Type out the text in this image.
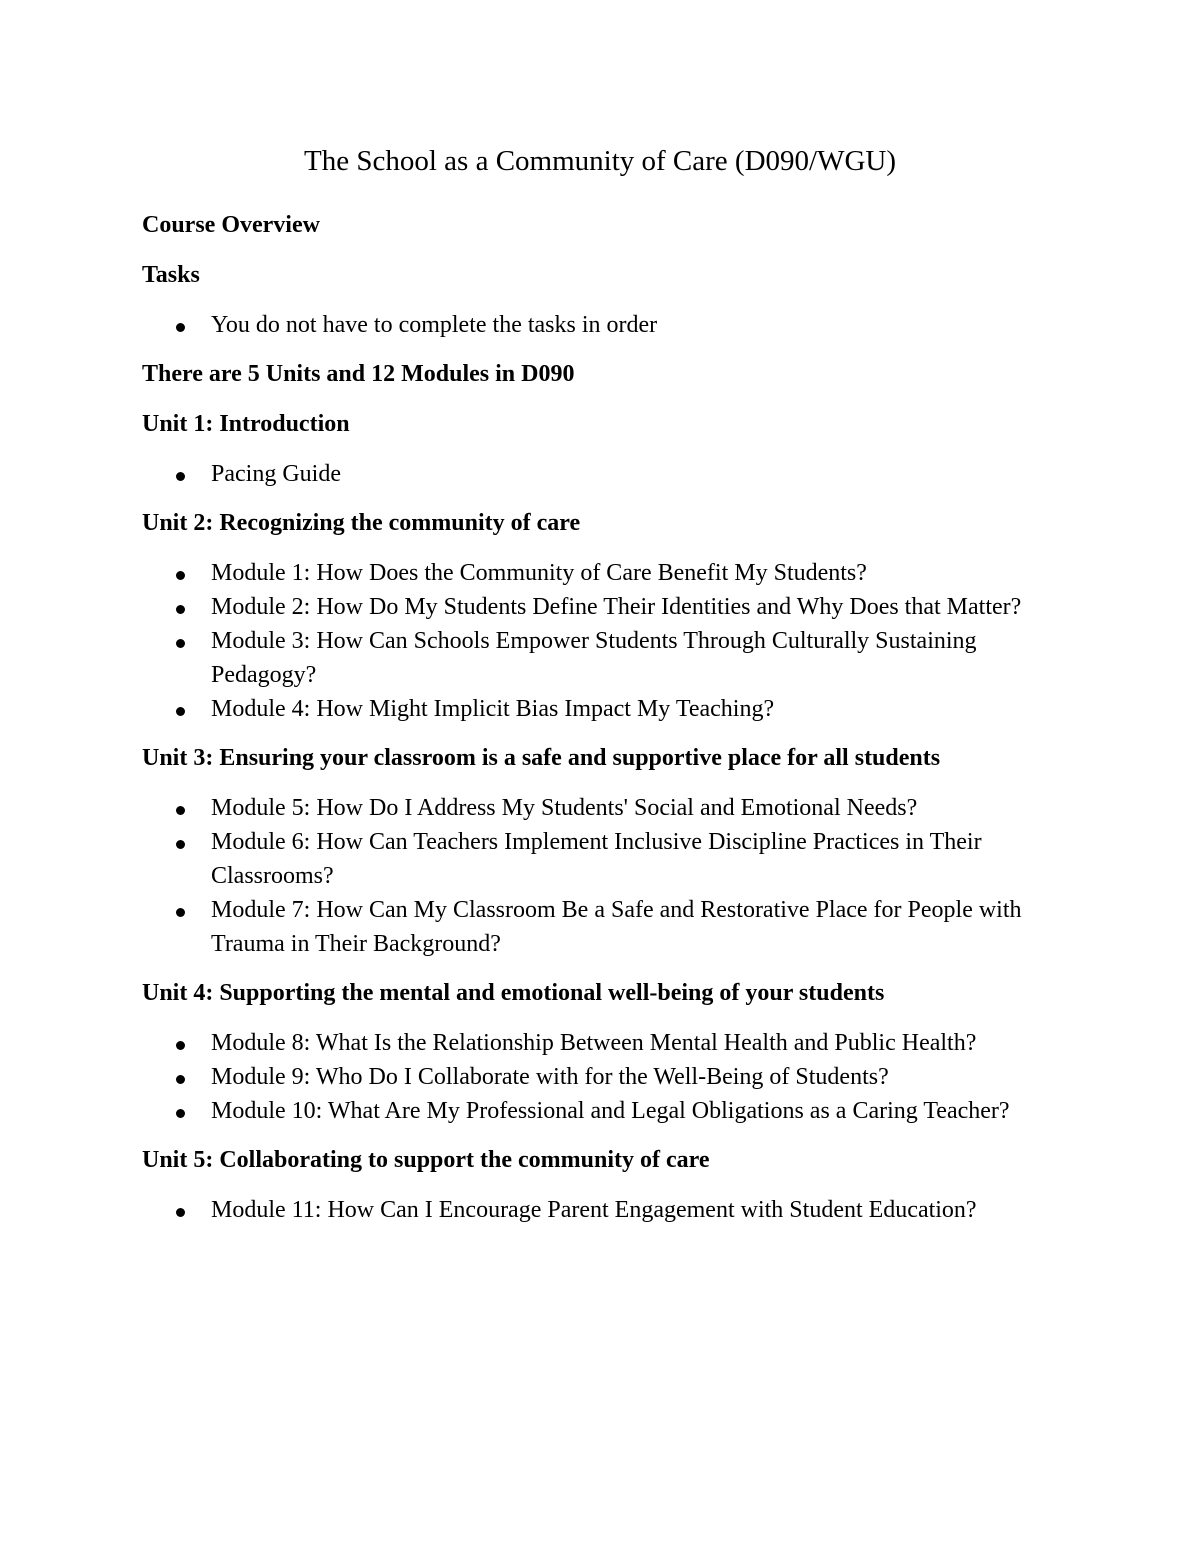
The School as a Community of Care (D090/WGU)
Course Overview
Tasks
You do not have to complete the tasks in order
There are 5 Units and 12 Modules in D090
Unit 1: Introduction
Pacing Guide
Unit 2: Recognizing the community of care
Module 1: How Does the Community of Care Benefit My Students?
Module 2: How Do My Students Define Their Identities and Why Does that Matter?
Module 3: How Can Schools Empower Students Through Culturally Sustaining Pedagogy?
Module 4: How Might Implicit Bias Impact My Teaching?
Unit 3: Ensuring your classroom is a safe and supportive place for all students
Module 5: How Do I Address My Students' Social and Emotional Needs?
Module 6: How Can Teachers Implement Inclusive Discipline Practices in Their Classrooms?
Module 7: How Can My Classroom Be a Safe and Restorative Place for People with Trauma in Their Background?
Unit 4: Supporting the mental and emotional well-being of your students
Module 8: What Is the Relationship Between Mental Health and Public Health?
Module 9: Who Do I Collaborate with for the Well-Being of Students?
Module 10: What Are My Professional and Legal Obligations as a Caring Teacher?
Unit 5: Collaborating to support the community of care
Module 11: How Can I Encourage Parent Engagement with Student Education?
